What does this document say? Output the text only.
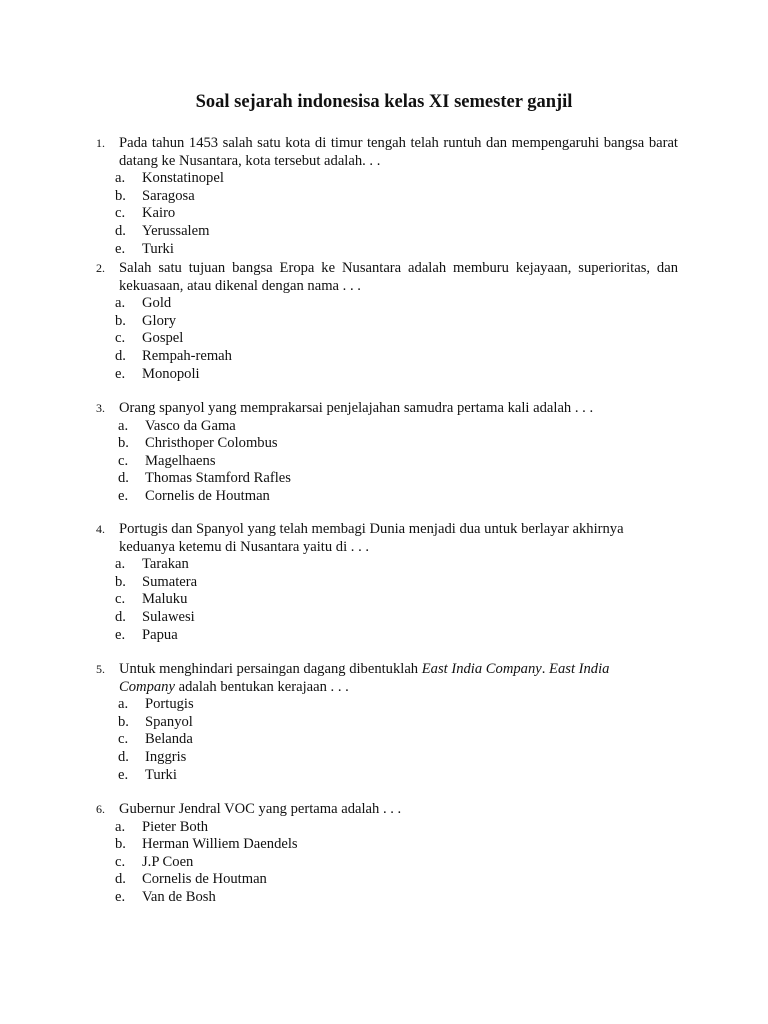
Soal sejarah indonesisa kelas XI semester ganjil
1. Pada tahun 1453 salah satu kota di timur tengah telah runtuh dan mempengaruhi bangsa barat datang ke Nusantara, kota tersebut adalah. . .
a. Konstatinopel
b. Saragosa
c. Kairo
d. Yerussalem
e. Turki
2. Salah satu tujuan bangsa Eropa ke Nusantara adalah memburu kejayaan, superioritas, dan kekuasaan, atau dikenal dengan nama . . .
a. Gold
b. Glory
c. Gospel
d. Rempah-remah
e. Monopoli
3. Orang spanyol yang memprakarsai penjelajahan samudra pertama kali adalah . . .
a. Vasco da Gama
b. Christhoper Colombus
c. Magelhaens
d. Thomas Stamford Rafles
e. Cornelis de Houtman
4. Portugis dan Spanyol yang telah membagi Dunia menjadi dua untuk berlayar akhirnya keduanya ketemu di Nusantara yaitu di . . .
a. Tarakan
b. Sumatera
c. Maluku
d. Sulawesi
e. Papua
5. Untuk menghindari persaingan dagang dibentuklah East India Company. East India Company adalah bentukan kerajaan . . .
a. Portugis
b. Spanyol
c. Belanda
d. Inggris
e. Turki
6. Gubernur Jendral VOC yang pertama adalah . . .
a. Pieter Both
b. Herman Williem Daendels
c. J.P Coen
d. Cornelis de Houtman
e. Van de Bosh
